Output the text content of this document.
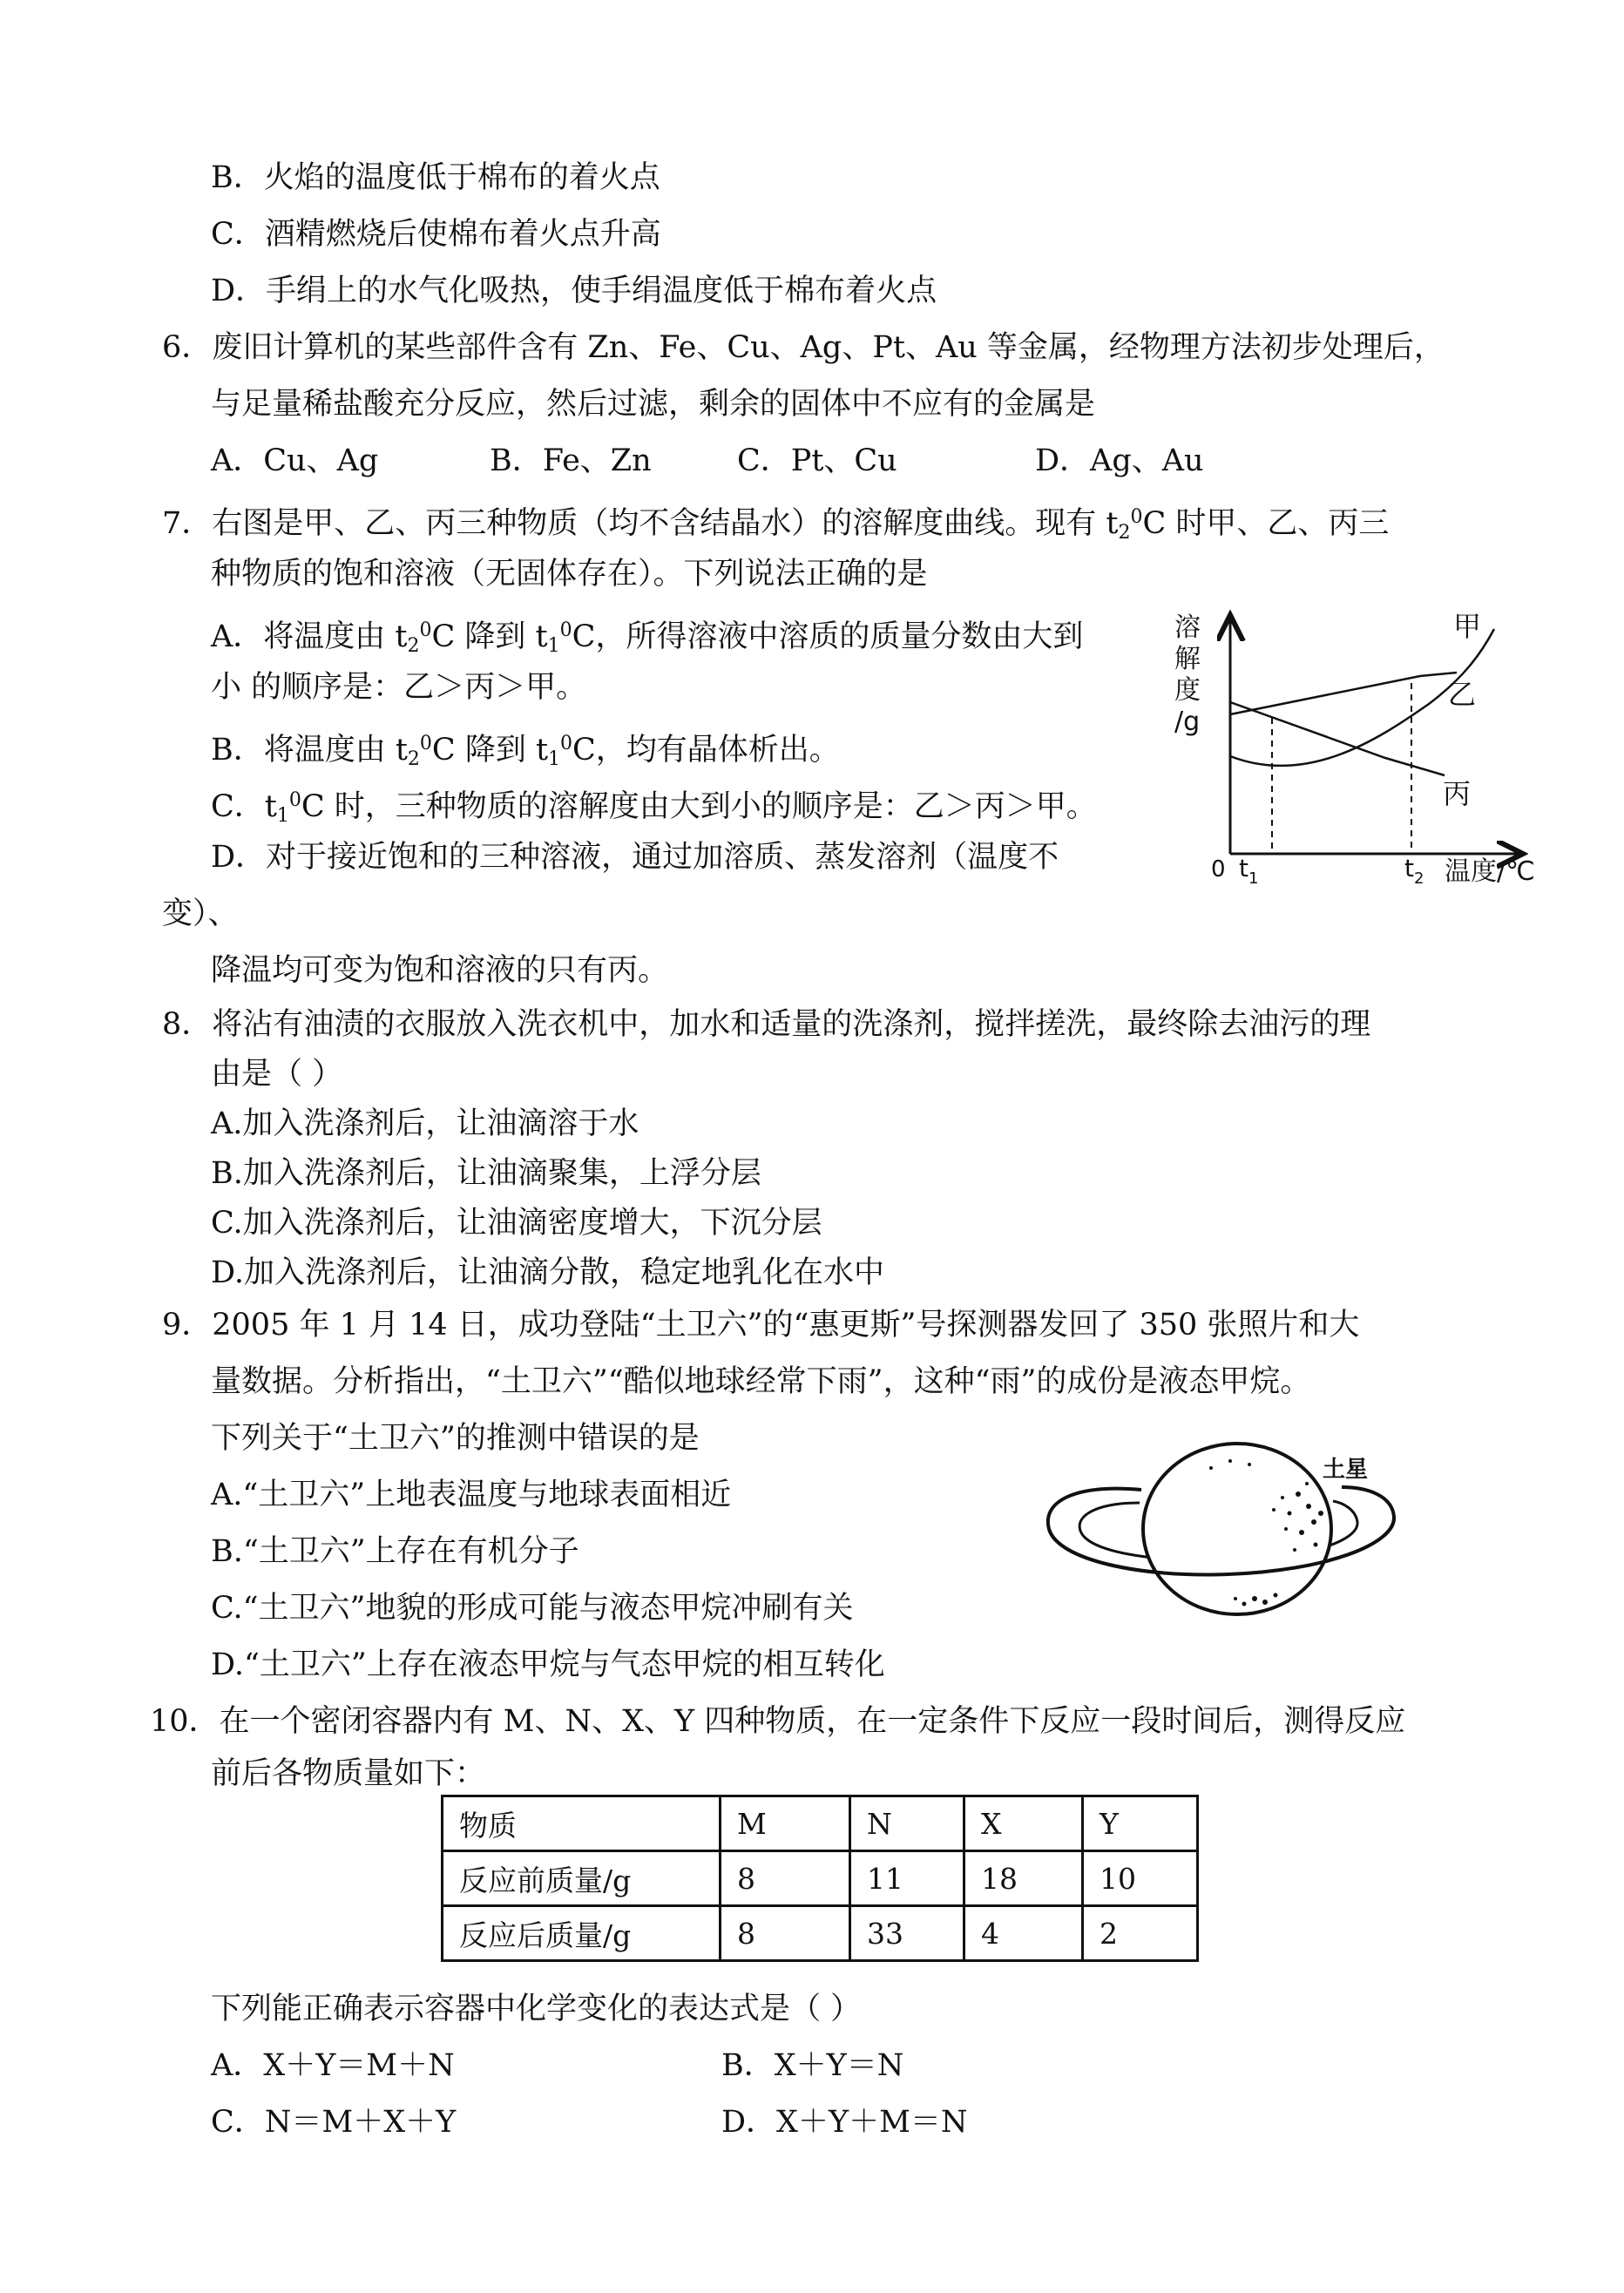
B．火焰的温度低于棉布的着火点
C．酒精燃烧后使棉布着火点升高
D．手绢上的水气化吸热，使手绢温度低于棉布着火点
6．废旧计算机的某些部件含有 Zn、Fe、Cu、Ag、Pt、Au 等金属，经物理方法初步处理后，
与足量稀盐酸充分反应，然后过滤，剩余的固体中不应有的金属是
A．Cu、Ag	B．Fe、Zn	C．Pt、Cu	D．Ag、Au
7．右图是甲、乙、丙三种物质（均不含结晶水）的溶解度曲线。现有 $t_2^0C$ 时甲、乙、丙三
种物质的饱和溶液（无固体存在）。下列说法正确的是
A．将温度由 $t_2^0C$ 降到 $t_1^0C$，所得溶液中溶质的质量分数由大到
小 的顺序是：乙＞丙＞甲。
B．将温度由 $t_2^0C$ 降到 $t_1^0C$，均有晶体析出。
C．$t_1^0C$ 时，三种物质的溶解度由大到小的顺序是：乙＞丙＞甲。
D．对于接近饱和的三种溶液，通过加溶质、蒸发溶剂（温度不
变）、
降温均可变为饱和溶液的只有丙。
溶
解
度
/g
甲
乙
丙
0 $t_1$	$t_2$ 温度/℃
8．将沾有油渍的衣服放入洗衣机中，加水和适量的洗涤剂，搅拌搓洗，最终除去油污的理
由是（ ）
A.加入洗涤剂后，让油滴溶于水
B.加入洗涤剂后，让油滴聚集，上浮分层
C.加入洗涤剂后，让油滴密度增大，下沉分层
D.加入洗涤剂后，让油滴分散，稳定地乳化在水中
9．2005 年 1 月 14 日，成功登陆“土卫六”的“惠更斯”号探测器发回了 350 张照片和大
量数据。分析指出，“土卫六”“酷似地球经常下雨”，这种“雨”的成份是液态甲烷。
下列关于“土卫六”的推测中错误的是
A.“土卫六”上地表温度与地球表面相近
B.“土卫六”上存在有机分子
C.“土卫六”地貌的形成可能与液态甲烷冲刷有关
D.“土卫六”上存在液态甲烷与气态甲烷的相互转化
土星
10．在一个密闭容器内有 M、N、X、Y 四种物质，在一定条件下反应一段时间后，测得反应
前后各物质量如下：
物质	M	N	X	Y
反应前质量/g	8	11	18	10
反应后质量/g	8	33	4	2
下列能正确表示容器中化学变化的表达式是（ ）
A．X＋Y＝M＋N	B．X＋Y＝N
C．N＝M＋X＋Y	D．X＋Y＋M＝N
